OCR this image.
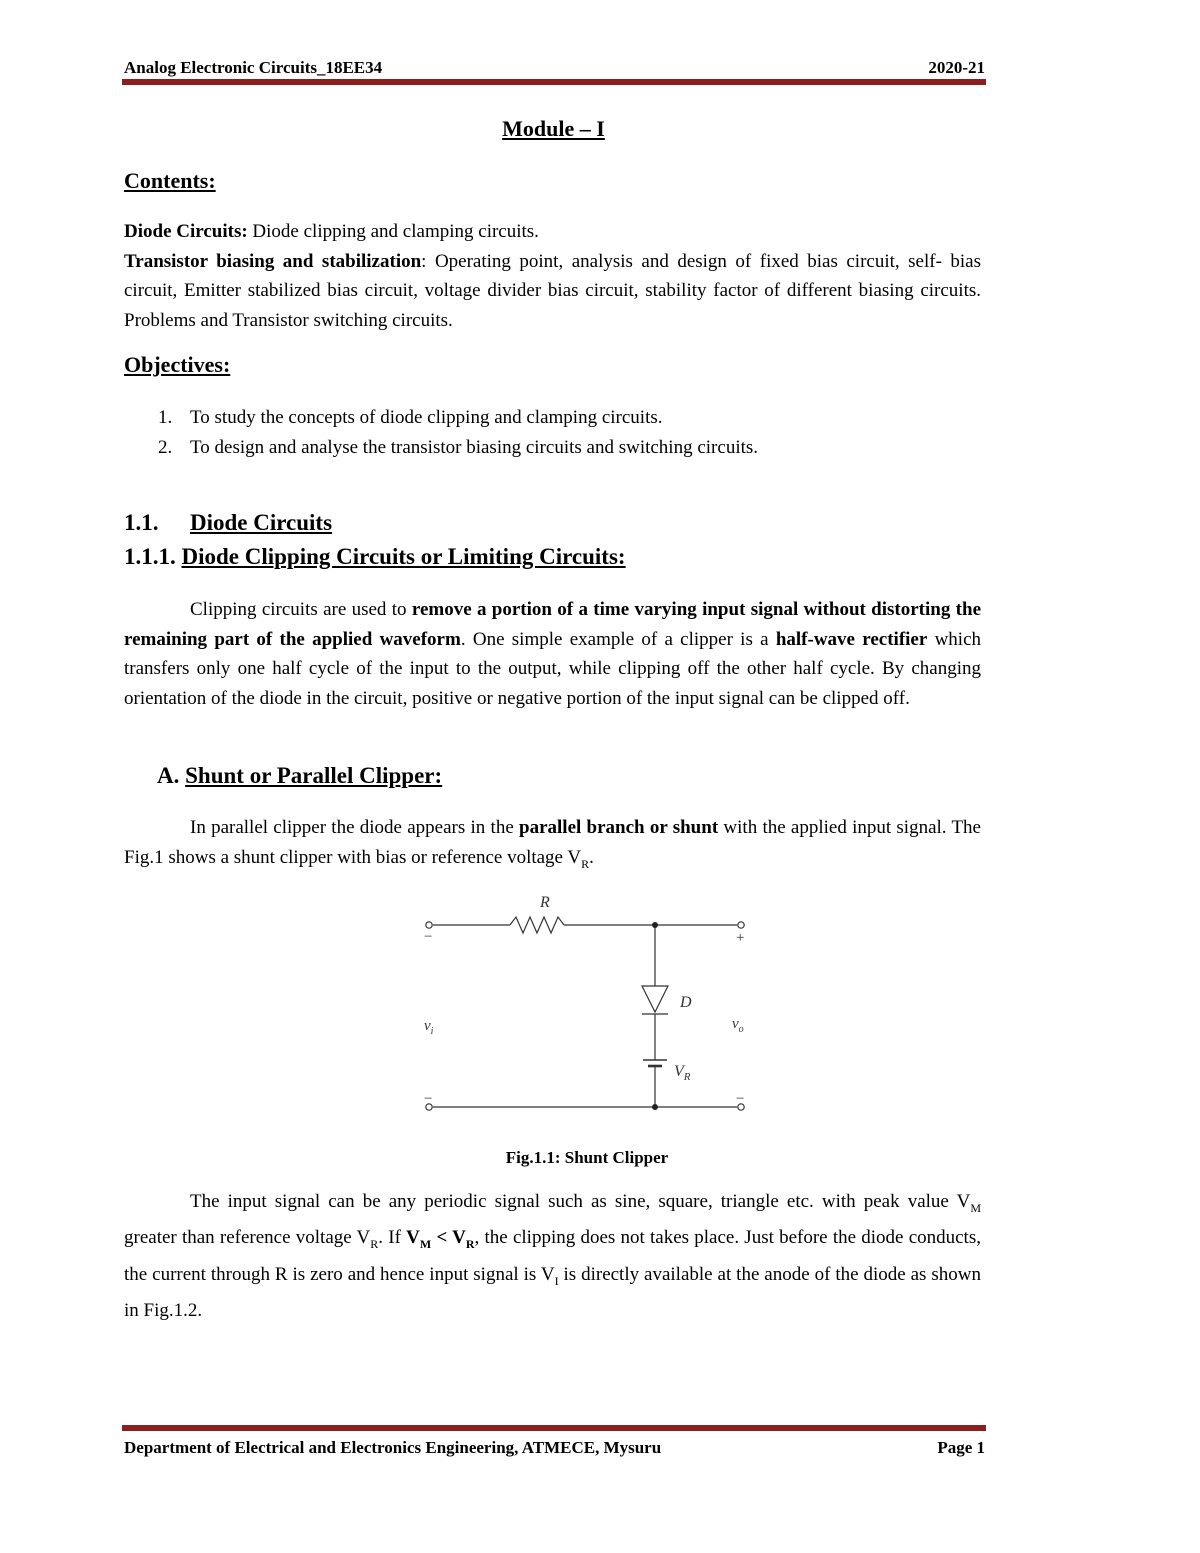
Analog Electronic Circuits_18EE34	2020-21
Module – I
Contents:
Diode Circuits: Diode clipping and clamping circuits.
Transistor biasing and stabilization: Operating point, analysis and design of fixed bias circuit, self- bias circuit, Emitter stabilized bias circuit, voltage divider bias circuit, stability factor of different biasing circuits. Problems and Transistor switching circuits.
Objectives:
1. To study the concepts of diode clipping and clamping circuits.
2. To design and analyse the transistor biasing circuits and switching circuits.
1.1. Diode Circuits
1.1.1. Diode Clipping Circuits or Limiting Circuits:
Clipping circuits are used to remove a portion of a time varying input signal without distorting the remaining part of the applied waveform. One simple example of a clipper is a half-wave rectifier which transfers only one half cycle of the input to the output, while clipping off the other half cycle. By changing orientation of the diode in the circuit, positive or negative portion of the input signal can be clipped off.
A. Shunt or Parallel Clipper:
In parallel clipper the diode appears in the parallel branch or shunt with the applied input signal. The Fig.1 shows a shunt clipper with bias or reference voltage $V_R$.
R
D
$V_R$
$v_i$	$v_o$
−	+
−	−
Fig.1.1: Shunt Clipper
The input signal can be any periodic signal such as sine, square, triangle etc. with peak value $V_M$ greater than reference voltage $V_R$. If $V_M < V_R$, the clipping does not takes place. Just before the diode conducts, the current through R is zero and hence input signal is $V_I$ is directly available at the anode of the diode as shown in Fig.1.2.
Department of Electrical and Electronics Engineering, ATMECE, Mysuru	Page 1
